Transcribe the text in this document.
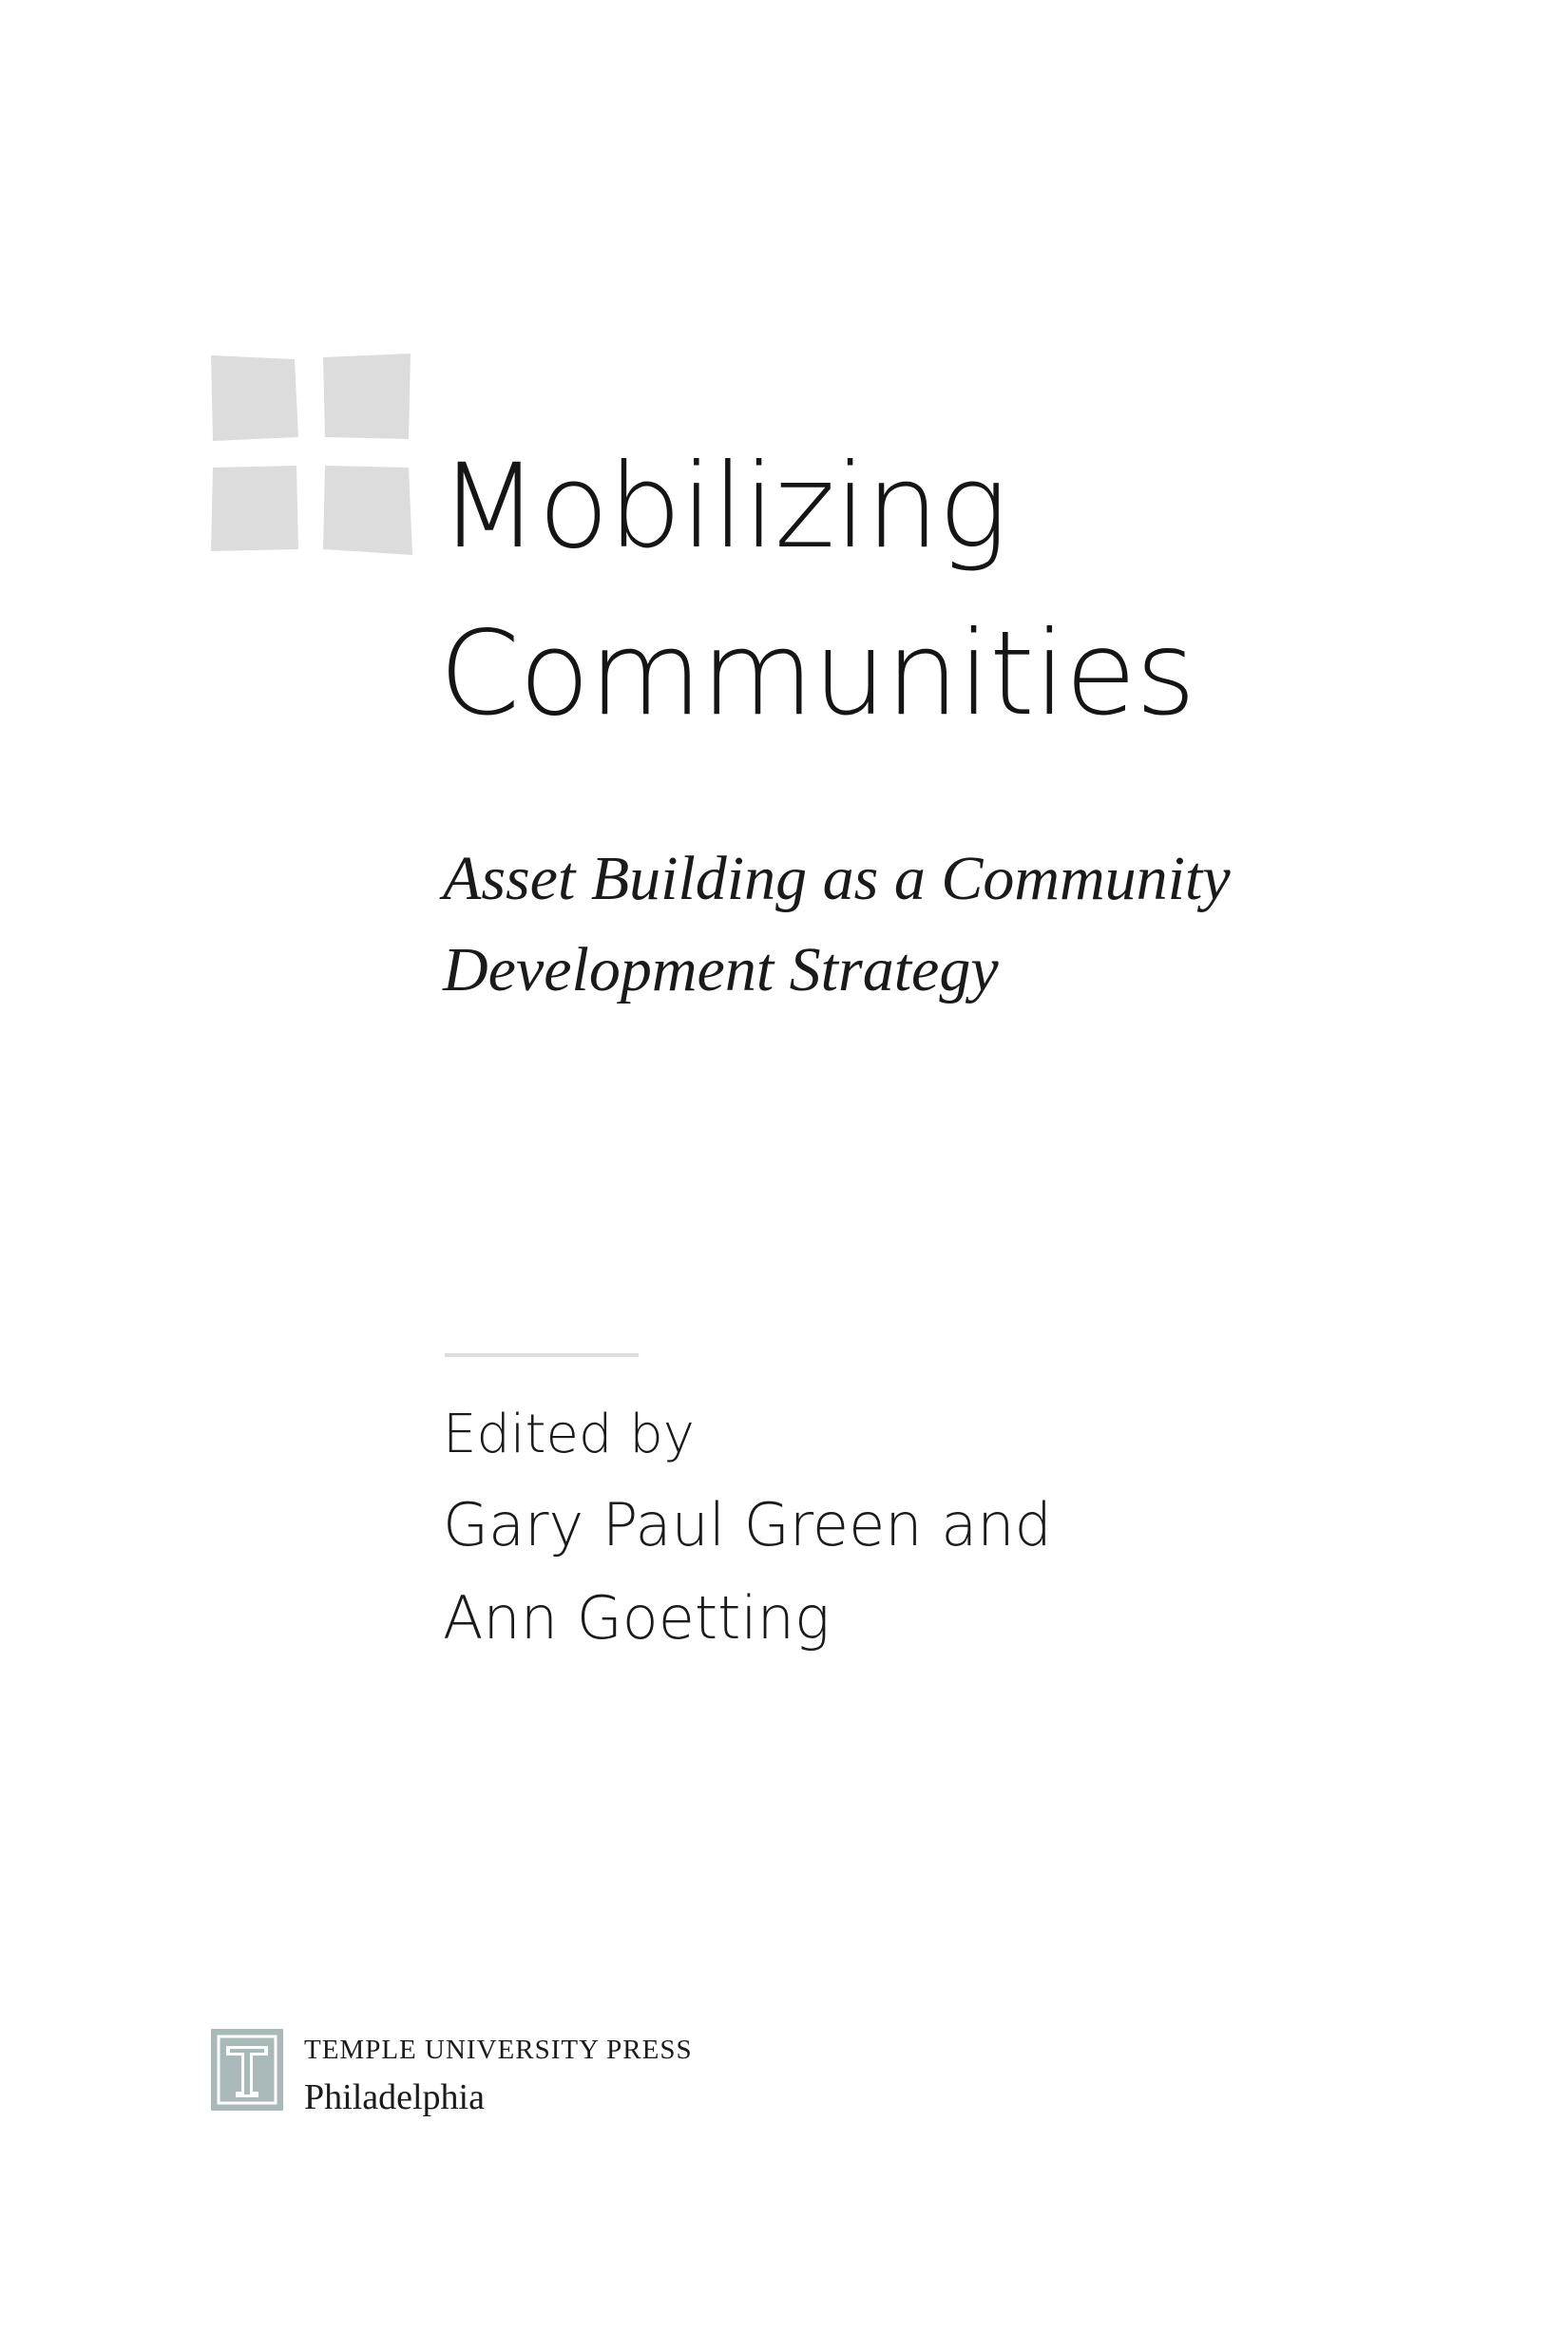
Mobilizing
Communities
Asset Building as a Community
Development Strategy
Edited by
Gary Paul Green and
Ann Goetting
TEMPLE UNIVERSITY PRESS
Philadelphia
